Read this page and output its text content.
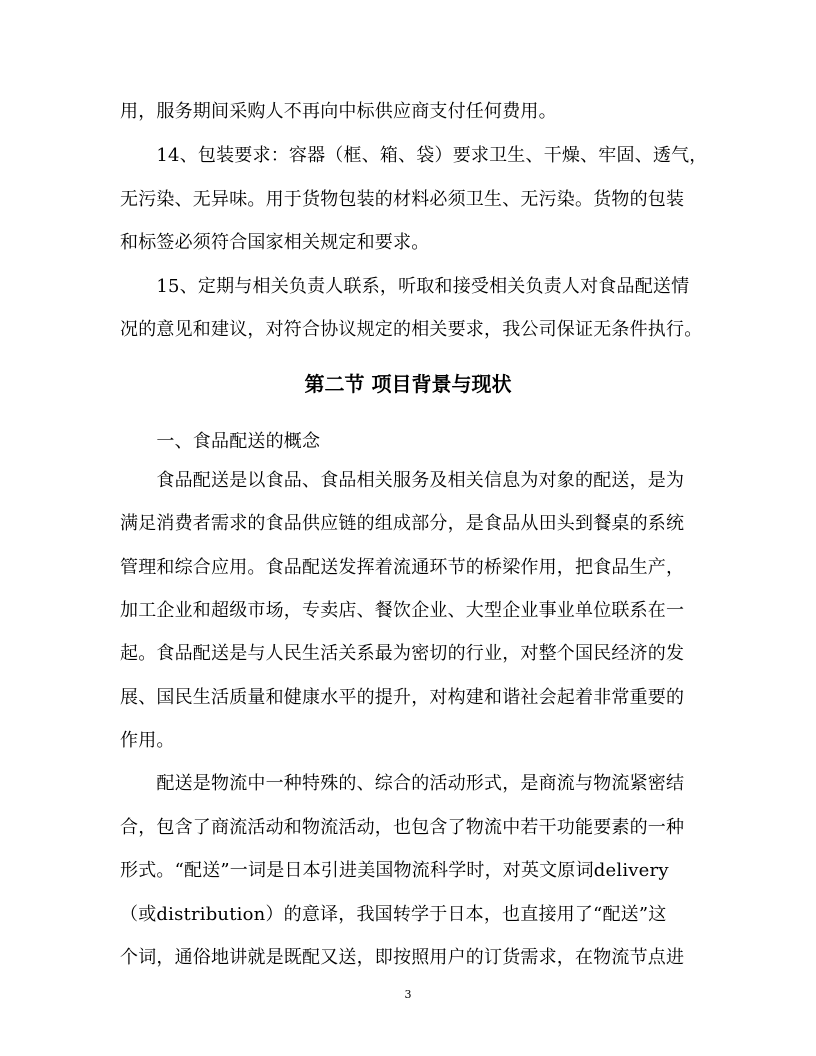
用，服务期间采购人不再向中标供应商支付任何费用。
　　14、包装要求：容器（框、箱、袋）要求卫生、干燥、牢固、透气，
无污染、无异味。用于货物包装的材料必须卫生、无污染。货物的包装
和标签必须符合国家相关规定和要求。
　　15、定期与相关负责人联系，听取和接受相关负责人对食品配送情
况的意见和建议，对符合协议规定的相关要求，我公司保证无条件执行。
第二节 项目背景与现状
　　一、食品配送的概念
　　食品配送是以食品、食品相关服务及相关信息为对象的配送，是为
满足消费者需求的食品供应链的组成部分，是食品从田头到餐桌的系统
管理和综合应用。食品配送发挥着流通环节的桥梁作用，把食品生产，
加工企业和超级市场，专卖店、餐饮企业、大型企业事业单位联系在一
起。食品配送是与人民生活关系最为密切的行业，对整个国民经济的发
展、国民生活质量和健康水平的提升，对构建和谐社会起着非常重要的
作用。
　　配送是物流中一种特殊的、综合的活动形式，是商流与物流紧密结
合，包含了商流活动和物流活动，也包含了物流中若干功能要素的一种
形式。“配送”一词是日本引进美国物流科学时，对英文原词delivery
（或distribution）的意译，我国转学于日本，也直接用了“配送”这
个词，通俗地讲就是既配又送，即按照用户的订货需求，在物流节点进
3
